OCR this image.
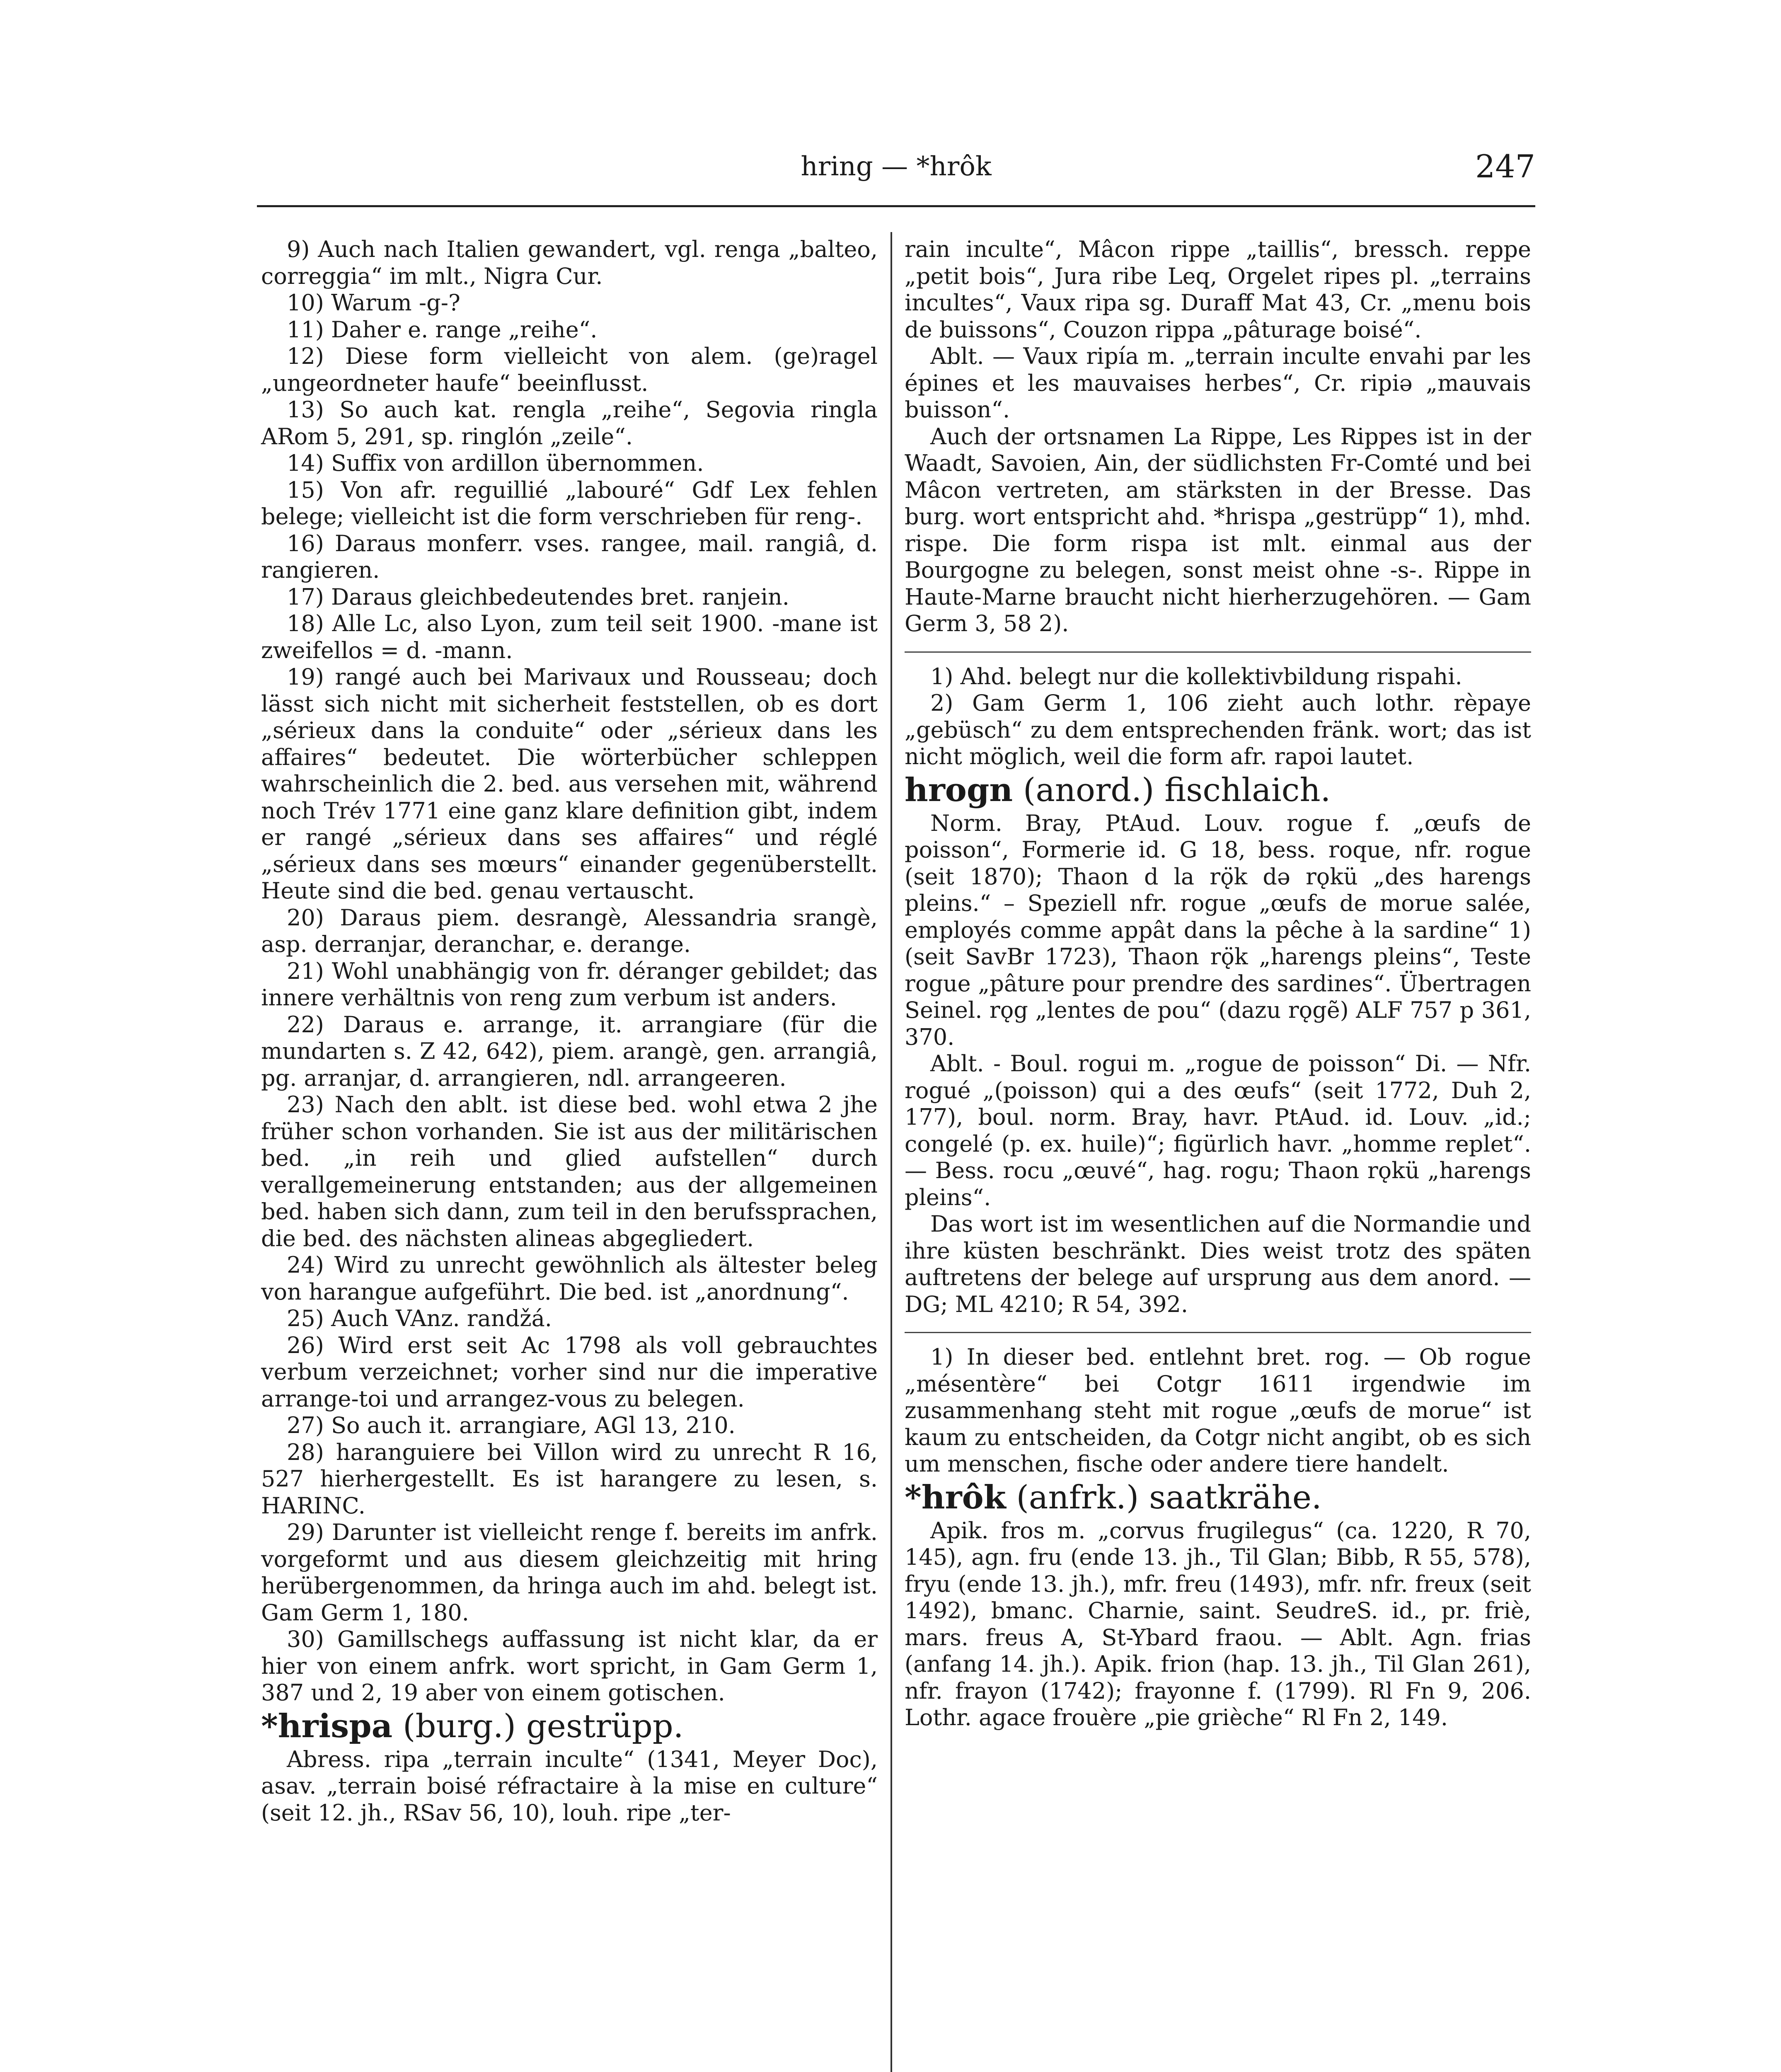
hring — *hrôk	247

9) Auch nach Italien gewandert, vgl. renga „balteo, correggia“ im mlt., Nigra Cur.

10) Warum -g-?

11) Daher e. range „reihe“.

12) Diese form vielleicht von alem. (ge)ragel „ungeordneter haufe“ beeinflusst.

13) So auch kat. rengla „reihe“, Segovia ringla ARom 5, 291, sp. ringlón „zeile“.

14) Suffix von ardillon übernommen.

15) Von afr. reguillié „labouré“ Gdf Lex fehlen belege; vielleicht ist die form verschrieben für reng-.

16) Daraus monferr. vses. rangee, mail. rangiâ, d. rangieren.

17) Daraus gleichbedeutendes bret. ranjein.

18) Alle Lc, also Lyon, zum teil seit 1900. -mane ist zweifellos = d. -mann.

19) rangé auch bei Marivaux und Rousseau; doch lässt sich nicht mit sicherheit feststellen, ob es dort „sérieux dans la conduite“ oder „sérieux dans les affaires“ bedeutet. Die wörterbücher schleppen wahrscheinlich die 2. bed. aus versehen mit, während noch Trév 1771 eine ganz klare definition gibt, indem er rangé „sérieux dans ses affaires“ und réglé „sérieux dans ses mœurs“ einander gegenüberstellt. Heute sind die bed. genau vertauscht.

20) Daraus piem. desrangè, Alessandria srangè, asp. derranjar, deranchar, e. derange.

21) Wohl unabhängig von fr. déranger gebildet; das innere verhältnis von reng zum verbum ist anders.

22) Daraus e. arrange, it. arrangiare (für die mundarten s. Z 42, 642), piem. arangè, gen. arrangiâ, pg. arranjar, d. arrangieren, ndl. arrangeeren.

23) Nach den ablt. ist diese bed. wohl etwa 2 jhe früher schon vorhanden. Sie ist aus der militärischen bed. „in reih und glied aufstellen“ durch verallgemeinerung entstanden; aus der allgemeinen bed. haben sich dann, zum teil in den berufssprachen, die bed. des nächsten alineas abgegliedert.

24) Wird zu unrecht gewöhnlich als ältester beleg von harangue aufgeführt. Die bed. ist „anordnung“.

25) Auch VAnz. randžá.

26) Wird erst seit Ac 1798 als voll gebrauchtes verbum verzeichnet; vorher sind nur die imperative arrange-toi und arrangez-vous zu belegen.

27) So auch it. arrangiare, AGl 13, 210.

28) haranguiere bei Villon wird zu unrecht R 16, 527 hierhergestellt. Es ist harangere zu lesen, s. HARINC.

29) Darunter ist vielleicht renge f. bereits im anfrk. vorgeformt und aus diesem gleichzeitig mit hring herübergenommen, da hringa auch im ahd. belegt ist. Gam Germ 1, 180.

30) Gamillschegs auffassung ist nicht klar, da er hier von einem anfrk. wort spricht, in Gam Germ 1, 387 und 2, 19 aber von einem gotischen.

*hrispa (burg.) gestrüpp.

Abress. ripa „terrain inculte“ (1341, Meyer Doc), asav. „terrain boisé réfractaire à la mise en culture“ (seit 12. jh., RSav 56, 10), louh. ripe „ter-

rain inculte“, Mâcon rippe „taillis“, bressch. reppe „petit bois“, Jura ribe Leq, Orgelet ripes pl. „terrains incultes“, Vaux ripa sg. Duraff Mat 43, Cr. „menu bois de buissons“, Couzon rippa „pâturage boisé“.

Ablt. — Vaux ripía m. „terrain inculte envahi par les épines et les mauvaises herbes“, Cr. ripiə „mauvais buisson“.

Auch der ortsnamen La Rippe, Les Rippes ist in der Waadt, Savoien, Ain, der südlichsten Fr-Comté und bei Mâcon vertreten, am stärksten in der Bresse. Das burg. wort entspricht ahd. *hrispa „gestrüpp“ 1), mhd. rispe. Die form rispa ist mlt. einmal aus der Bourgogne zu belegen, sonst meist ohne -s-. Rippe in Haute-Marne braucht nicht hierherzugehören. — Gam Germ 3, 58 2).

1) Ahd. belegt nur die kollektivbildung rispahi.

2) Gam Germ 1, 106 zieht auch lothr. rèpaye „gebüsch“ zu dem entsprechenden fränk. wort; das ist nicht möglich, weil die form afr. rapoi lautet.

hrogn (anord.) fischlaich.

Norm. Bray, PtAud. Louv. rogue f. „œufs de poisson“, Formerie id. G 18, bess. roque, nfr. rogue (seit 1870); Thaon d la rǫ̈k də rǫkü „des harengs pleins.“ – Speziell nfr. rogue „œufs de morue salée, employés comme appât dans la pêche à la sardine“ 1) (seit SavBr 1723), Thaon rǫ̈k „harengs pleins“, Teste rogue „pâture pour prendre des sardines“. Übertragen Seinel. rǫg „lentes de pou“ (dazu rǫgẽ) ALF 757 p 361, 370.

Ablt. - Boul. rogui m. „rogue de poisson“ Di. — Nfr. rogué „(poisson) qui a des œufs“ (seit 1772, Duh 2, 177), boul. norm. Bray, havr. PtAud. id. Louv. „id.; congelé (p. ex. huile)“; figürlich havr. „homme replet“. — Bess. rocu „œuvé“, hag. rogu; Thaon rǫkü „harengs pleins“.

Das wort ist im wesentlichen auf die Normandie und ihre küsten beschränkt. Dies weist trotz des späten auftretens der belege auf ursprung aus dem anord. — DG; ML 4210; R 54, 392.

1) In dieser bed. entlehnt bret. rog. — Ob rogue „mésentère“ bei Cotgr 1611 irgendwie im zusammenhang steht mit rogue „œufs de morue“ ist kaum zu entscheiden, da Cotgr nicht angibt, ob es sich um menschen, fische oder andere tiere handelt.

*hrôk (anfrk.) saatkrähe.

Apik. fros m. „corvus frugilegus“ (ca. 1220, R 70, 145), agn. fru (ende 13. jh., Til Glan; Bibb, R 55, 578), fryu (ende 13. jh.), mfr. freu (1493), mfr. nfr. freux (seit 1492), bmanc. Charnie, saint. SeudreS. id., pr. friè, mars. freus A, St-Ybard fraou. — Ablt. Agn. frias (anfang 14. jh.). Apik. frion (hap. 13. jh., Til Glan 261), nfr. frayon (1742); frayonne f. (1799). Rl Fn 9, 206. Lothr. agace frouère „pie grièche“ Rl Fn 2, 149.
